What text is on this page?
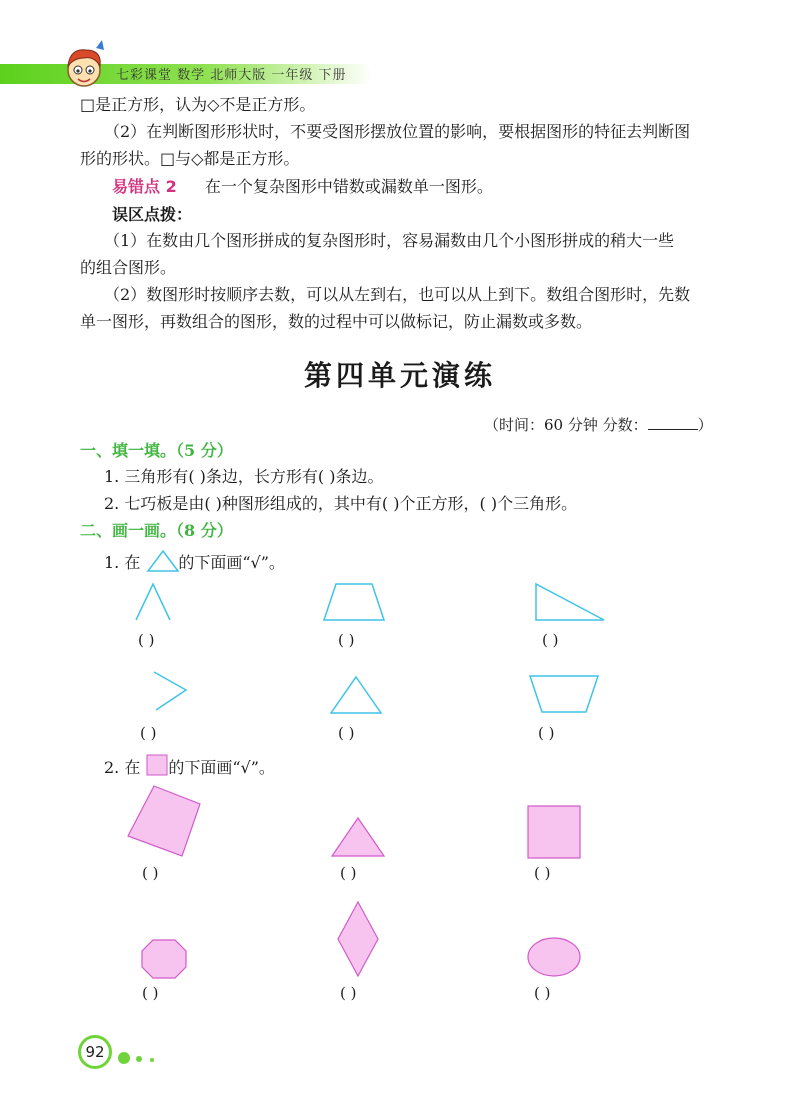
七彩课堂 数学 北师大版 一年级 下册
□是正方形，认为◇不是正方形。
（2）在判断图形形状时，不要受图形摆放位置的影响，要根据图形的特征去判断图
形的形状。□与◇都是正方形。
易错点 2 在一个复杂图形中错数或漏数单一图形。
误区点拨：
（1）在数由几个图形拼成的复杂图形时，容易漏数由几个小图形拼成的稍大一些
的组合图形。
（2）数图形时按顺序去数，可以从左到右，也可以从上到下。数组合图形时，先数
单一图形，再数组合的图形，数的过程中可以做标记，防止漏数或多数。
第四单元演练
（时间：60 分钟 分数：	）
一、填一填。（5 分）
1. 三角形有( )条边，长方形有( )条边。
2. 七巧板是由( )种图形组成的，其中有( )个正方形，( )个三角形。
二、画一画。（8 分）
1. 在 的下面画“√”。
( )	( )	( )
( )	( )	( )
2. 在 的下面画“√”。
( )	( )	( )
( )	( )	( )
92
